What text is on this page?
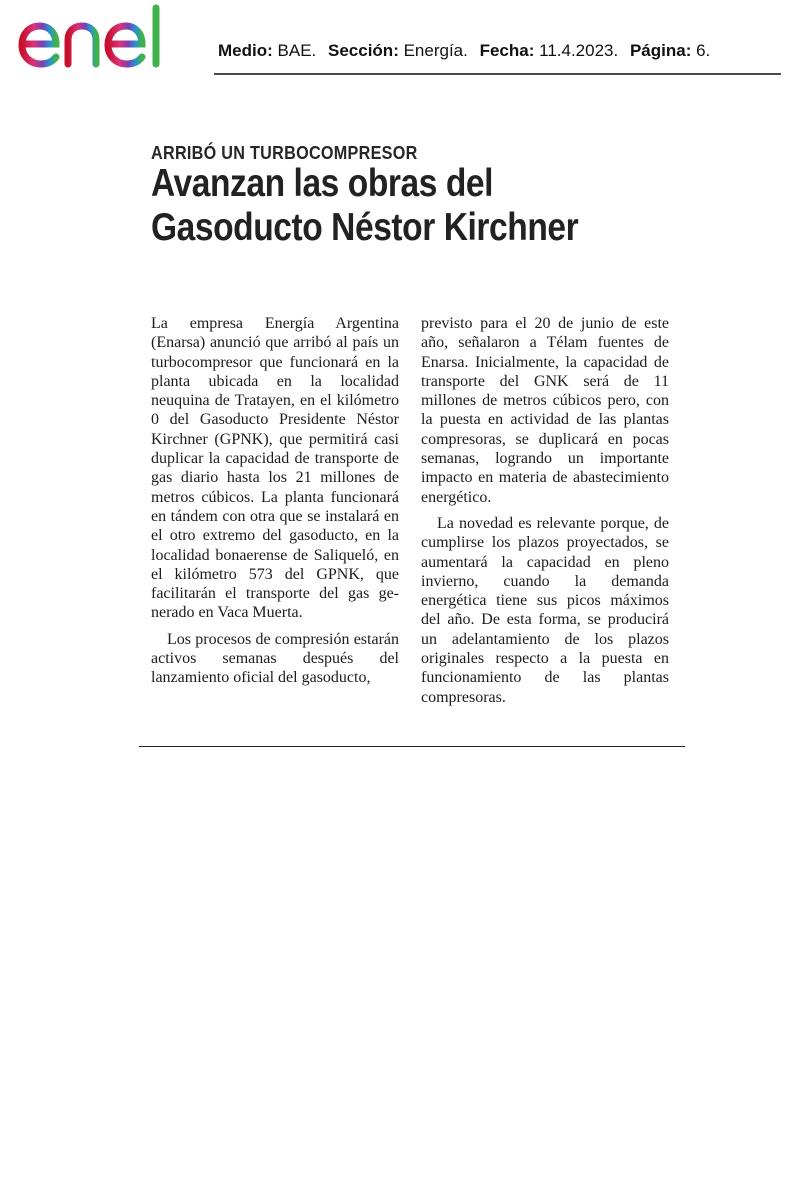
Medio: BAE. Sección: Energía. Fecha: 11.4.2023. Página: 6.
ARRIBÓ UN TURBOCOMPRESOR
Avanzan las obras del
Gasoducto Néstor Kirchner

La empresa Energía Argentina (Enarsa) anunció que arribó al país un turbocompresor que funcionará en la planta ubicada en la localidad neuquina de Tratayen, en el kilómetro 0 del Gasoducto Presidente Néstor Kirchner (GPNK), que permitirá casi duplicar la capacidad de transporte de gas diario hasta los 21 millones de metros cúbicos. La planta funcionará en tándem con otra que se instalará en el otro extremo del gasoducto, en la localidad bonaerense de Saliqueló, en el kilómetro 573 del GPNK, que facilitarán el transporte del gas generado en Vaca Muerta.

Los procesos de compresión estarán activos semanas después del lanzamiento oficial del gasoducto,

previsto para el 20 de junio de este año, señalaron a Télam fuentes de Enarsa. Inicialmente, la capacidad de transporte del GNK será de 11 millones de metros cúbicos pero, con la puesta en actividad de las plantas compresoras, se duplicará en pocas semanas, logrando un importante impacto en materia de abastecimiento energético.

La novedad es relevante porque, de cumplirse los plazos proyectados, se aumentará la capacidad en pleno invierno, cuando la demanda energética tiene sus picos máximos del año. De esta forma, se producirá un adelantamiento de los plazos originales respecto a la puesta en funcionamiento de las plantas compresoras.
